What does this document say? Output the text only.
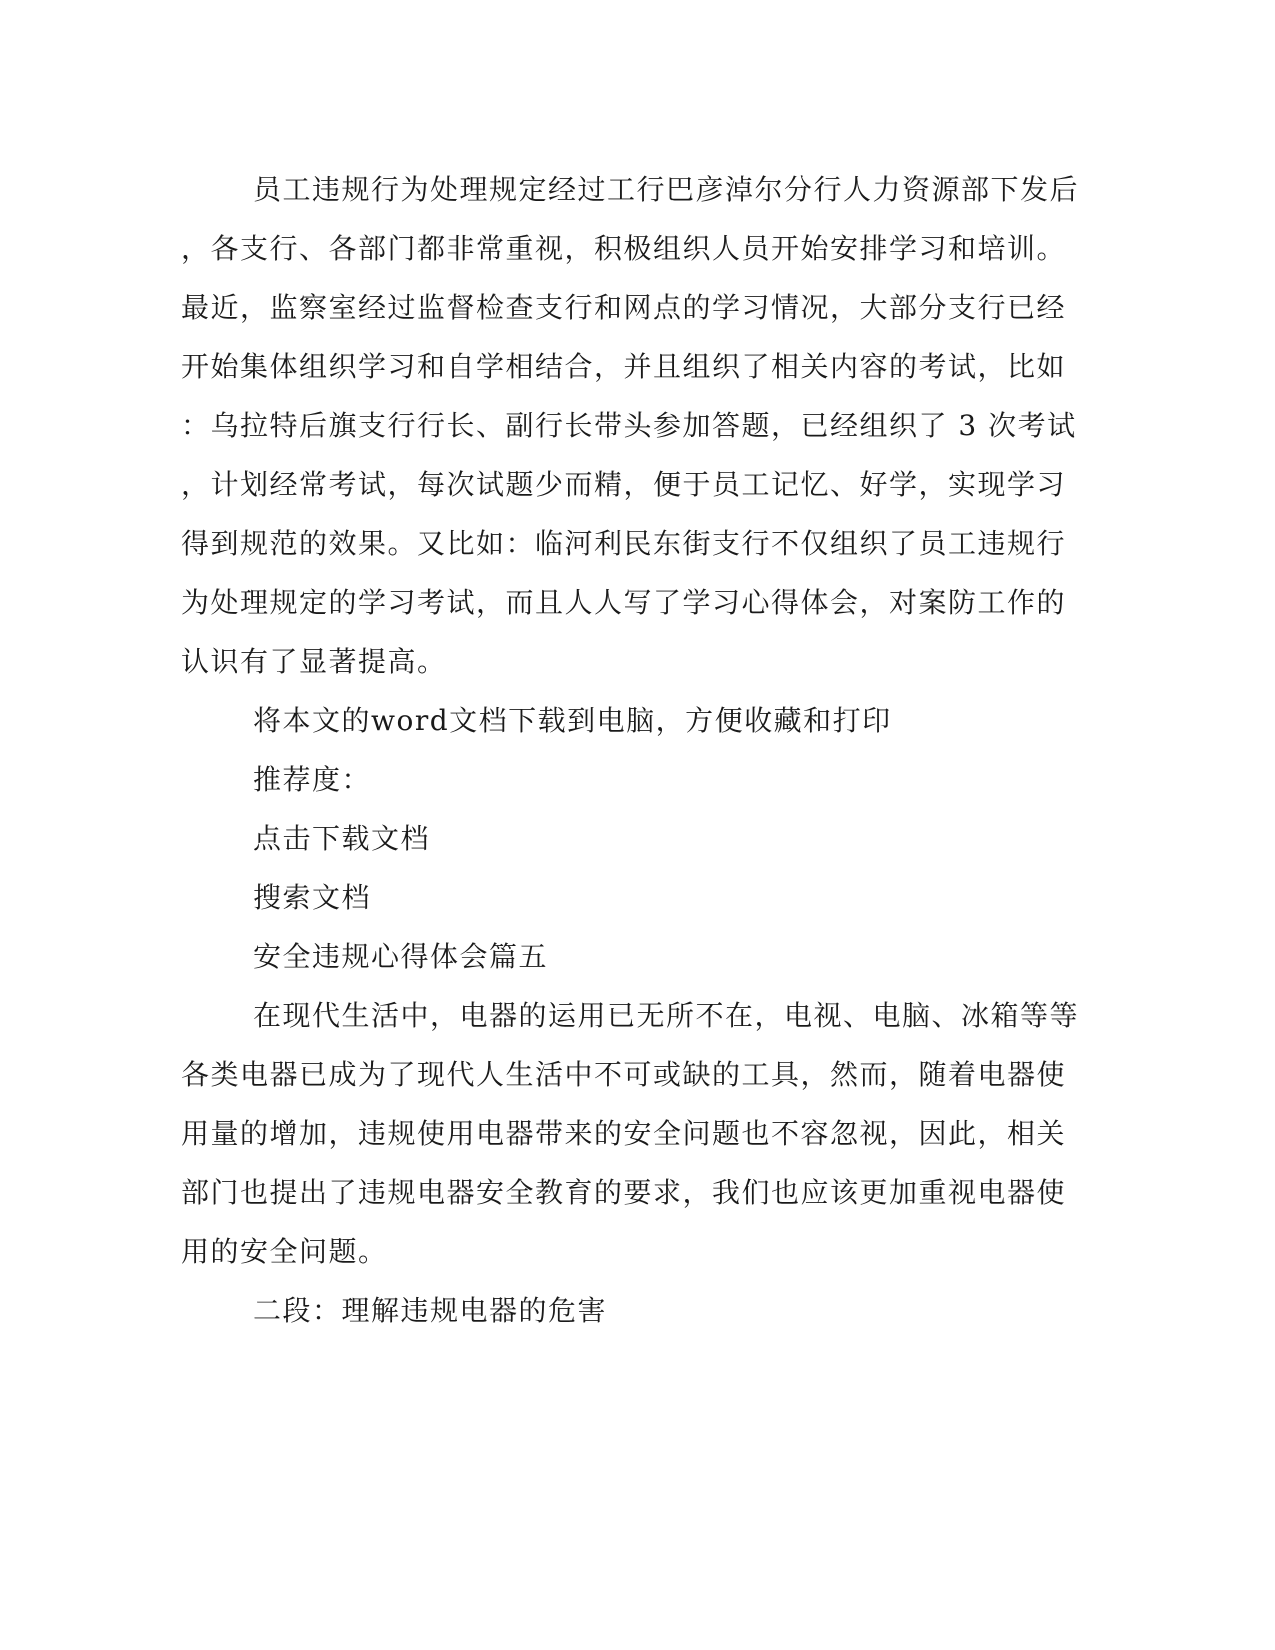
员工违规行为处理规定经过工行巴彦淖尔分行人力资源部下发后
，各支行、各部门都非常重视，积极组织人员开始安排学习和培训。
最近，监察室经过监督检查支行和网点的学习情况，大部分支行已经
开始集体组织学习和自学相结合，并且组织了相关内容的考试，比如
：乌拉特后旗支行行长、副行长带头参加答题，已经组织了 3 次考试
，计划经常考试，每次试题少而精，便于员工记忆、好学，实现学习
得到规范的效果。又比如：临河利民东街支行不仅组织了员工违规行
为处理规定的学习考试，而且人人写了学习心得体会，对案防工作的
认识有了显著提高。
将本文的word文档下载到电脑，方便收藏和打印
推荐度：
点击下载文档
搜索文档
安全违规心得体会篇五
在现代生活中，电器的运用已无所不在，电视、电脑、冰箱等等
各类电器已成为了现代人生活中不可或缺的工具，然而，随着电器使
用量的增加，违规使用电器带来的安全问题也不容忽视，因此，相关
部门也提出了违规电器安全教育的要求，我们也应该更加重视电器使
用的安全问题。
二段：理解违规电器的危害
